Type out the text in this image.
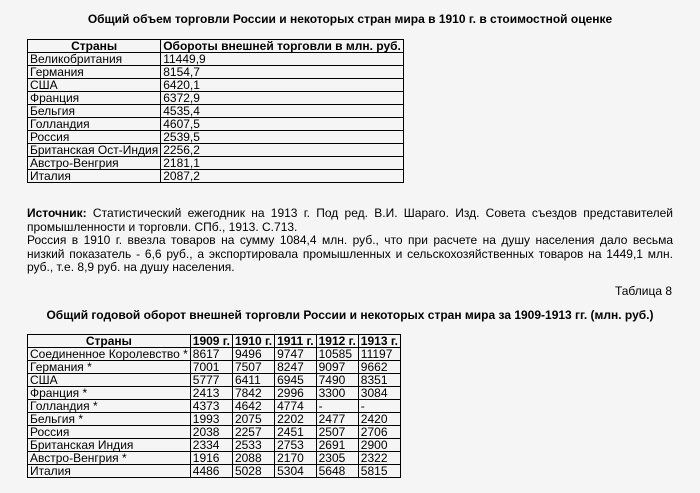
Общий объем торговли России и некоторых стран мира в 1910 г. в стоимостной оценке
Страны	Обороты внешней торговли в млн. руб.
Великобритания	11449,9
Германия	8154,7
США	6420,1
Франция	6372,9
Бельгия	4535,4
Голландия	4607,5
Россия	2539,5
Британская Ост-Индия	2256,2
Австро-Венгрия	2181,1
Италия	2087,2

Источник: Статистический ежегодник на 1913 г. Под ред. В.И. Шараго. Изд. Совета съездов представителей промышленности и торговли. СПб., 1913. С.713.

Россия в 1910 г. ввезла товаров на сумму 1084,4 млн. руб., что при расчете на душу населения дало весьма низкий показатель - 6,6 руб., а экспортировала промышленных и сельскохозяйственных товаров на 1449,1 млн. руб., т.е. 8,9 руб. на душу населения.

Таблица 8
Общий годовой оборот внешней торговли России и некоторых стран мира за 1909-1913 гг. (млн. руб.)
Страны	1909 г.	1910 г.	1911 г.	1912 г.	1913 г.
Соединенное Королевство *	8617	9496	9747	10585	11197
Германия *	7001	7507	8247	9097	9662
США	5777	6411	6945	7490	8351
Франция *	2413	7842	2996	3300	3084
Голландия *	4373	4642	4774	-	-
Бельгия *	1993	2075	2202	2477	2420
Россия	2038	2257	2451	2507	2706
Британская Индия	2334	2533	2753	2691	2900
Австро-Венгрия *	1916	2088	2170	2305	2322
Италия	4486	5028	5304	5648	5815
